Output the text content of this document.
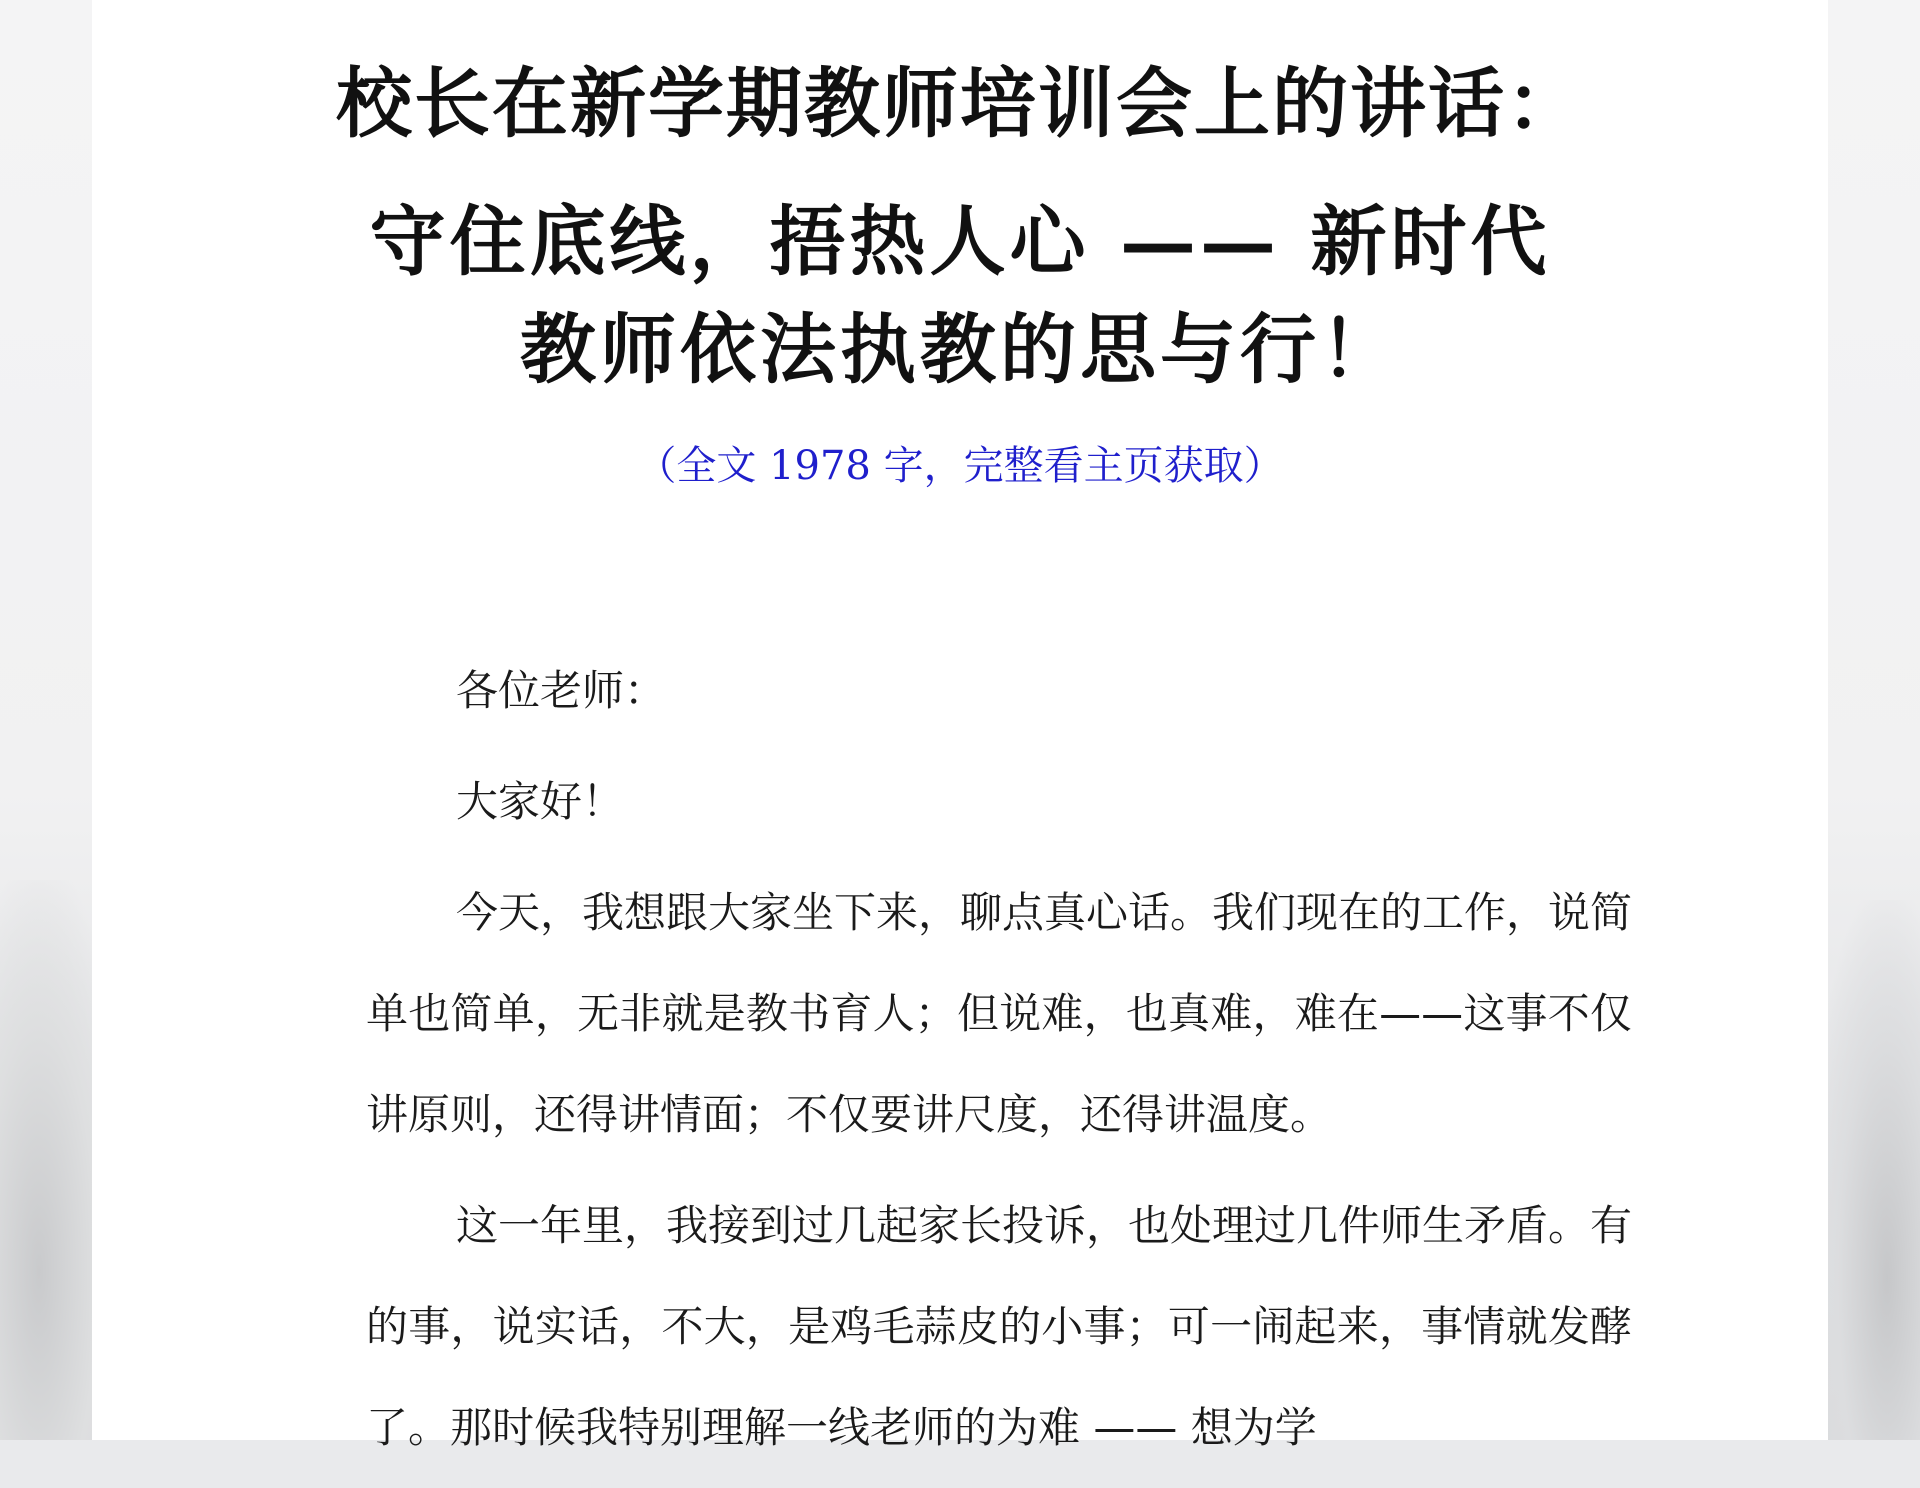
校长在新学期教师培训会上的讲话：
守住底线，捂热人心 —— 新时代
教师依法执教的思与行！
（全文 1978 字，完整看主页获取）

各位老师：

大家好！

今天，我想跟大家坐下来，聊点真心话。我们现在的工作，说简单也简单，无非就是教书育人；但说难，也真难，难在——这事不仅讲原则，还得讲情面；不仅要讲尺度，还得讲温度。

这一年里，我接到过几起家长投诉，也处理过几件师生矛盾。有的事，说实话，不大，是鸡毛蒜皮的小事；可一闹起来，事情就发酵了。那时候我特别理解一线老师的为难 —— 想为学
